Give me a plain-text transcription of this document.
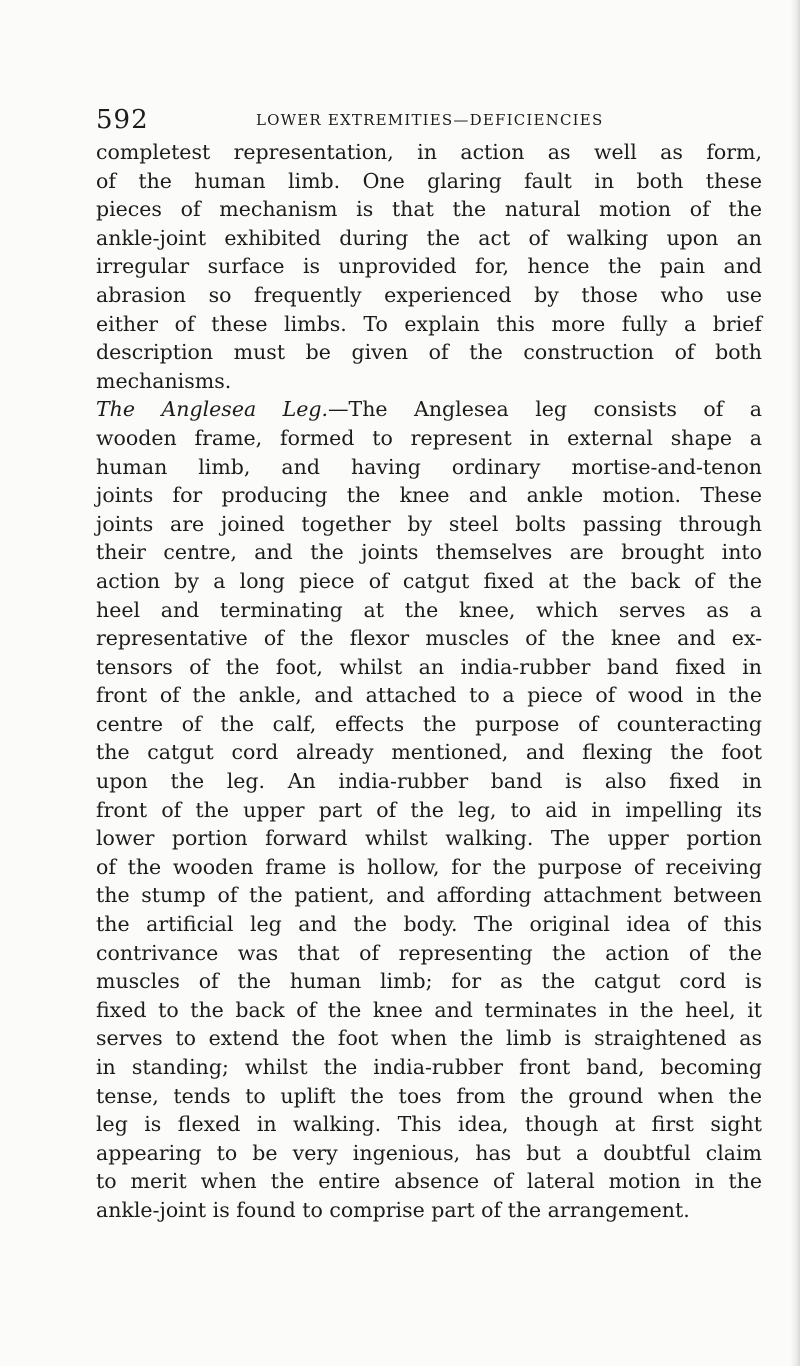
592	LOWER EXTREMITIES—DEFICIENCIES
completest representation, in action as well as form,
of the human limb. One glaring fault in both these
pieces of mechanism is that the natural motion of the
ankle-joint exhibited during the act of walking upon an
irregular surface is unprovided for, hence the pain and
abrasion so frequently experienced by those who use
either of these limbs. To explain this more fully a brief
description must be given of the construction of both
mechanisms.
The Anglesea Leg.—The Anglesea leg consists of a
wooden frame, formed to represent in external shape a
human limb, and having ordinary mortise-and-tenon
joints for producing the knee and ankle motion. These
joints are joined together by steel bolts passing through
their centre, and the joints themselves are brought into
action by a long piece of catgut fixed at the back of the
heel and terminating at the knee, which serves as a
representative of the flexor muscles of the knee and ex-
tensors of the foot, whilst an india-rubber band fixed in
front of the ankle, and attached to a piece of wood in the
centre of the calf, effects the purpose of counteracting
the catgut cord already mentioned, and flexing the foot
upon the leg. An india-rubber band is also fixed in
front of the upper part of the leg, to aid in impelling its
lower portion forward whilst walking. The upper portion
of the wooden frame is hollow, for the purpose of receiving
the stump of the patient, and affording attachment between
the artificial leg and the body. The original idea of this
contrivance was that of representing the action of the
muscles of the human limb; for as the catgut cord is
fixed to the back of the knee and terminates in the heel, it
serves to extend the foot when the limb is straightened as
in standing; whilst the india-rubber front band, becoming
tense, tends to uplift the toes from the ground when the
leg is flexed in walking. This idea, though at first sight
appearing to be very ingenious, has but a doubtful claim
to merit when the entire absence of lateral motion in the
ankle-joint is found to comprise part of the arrangement.
